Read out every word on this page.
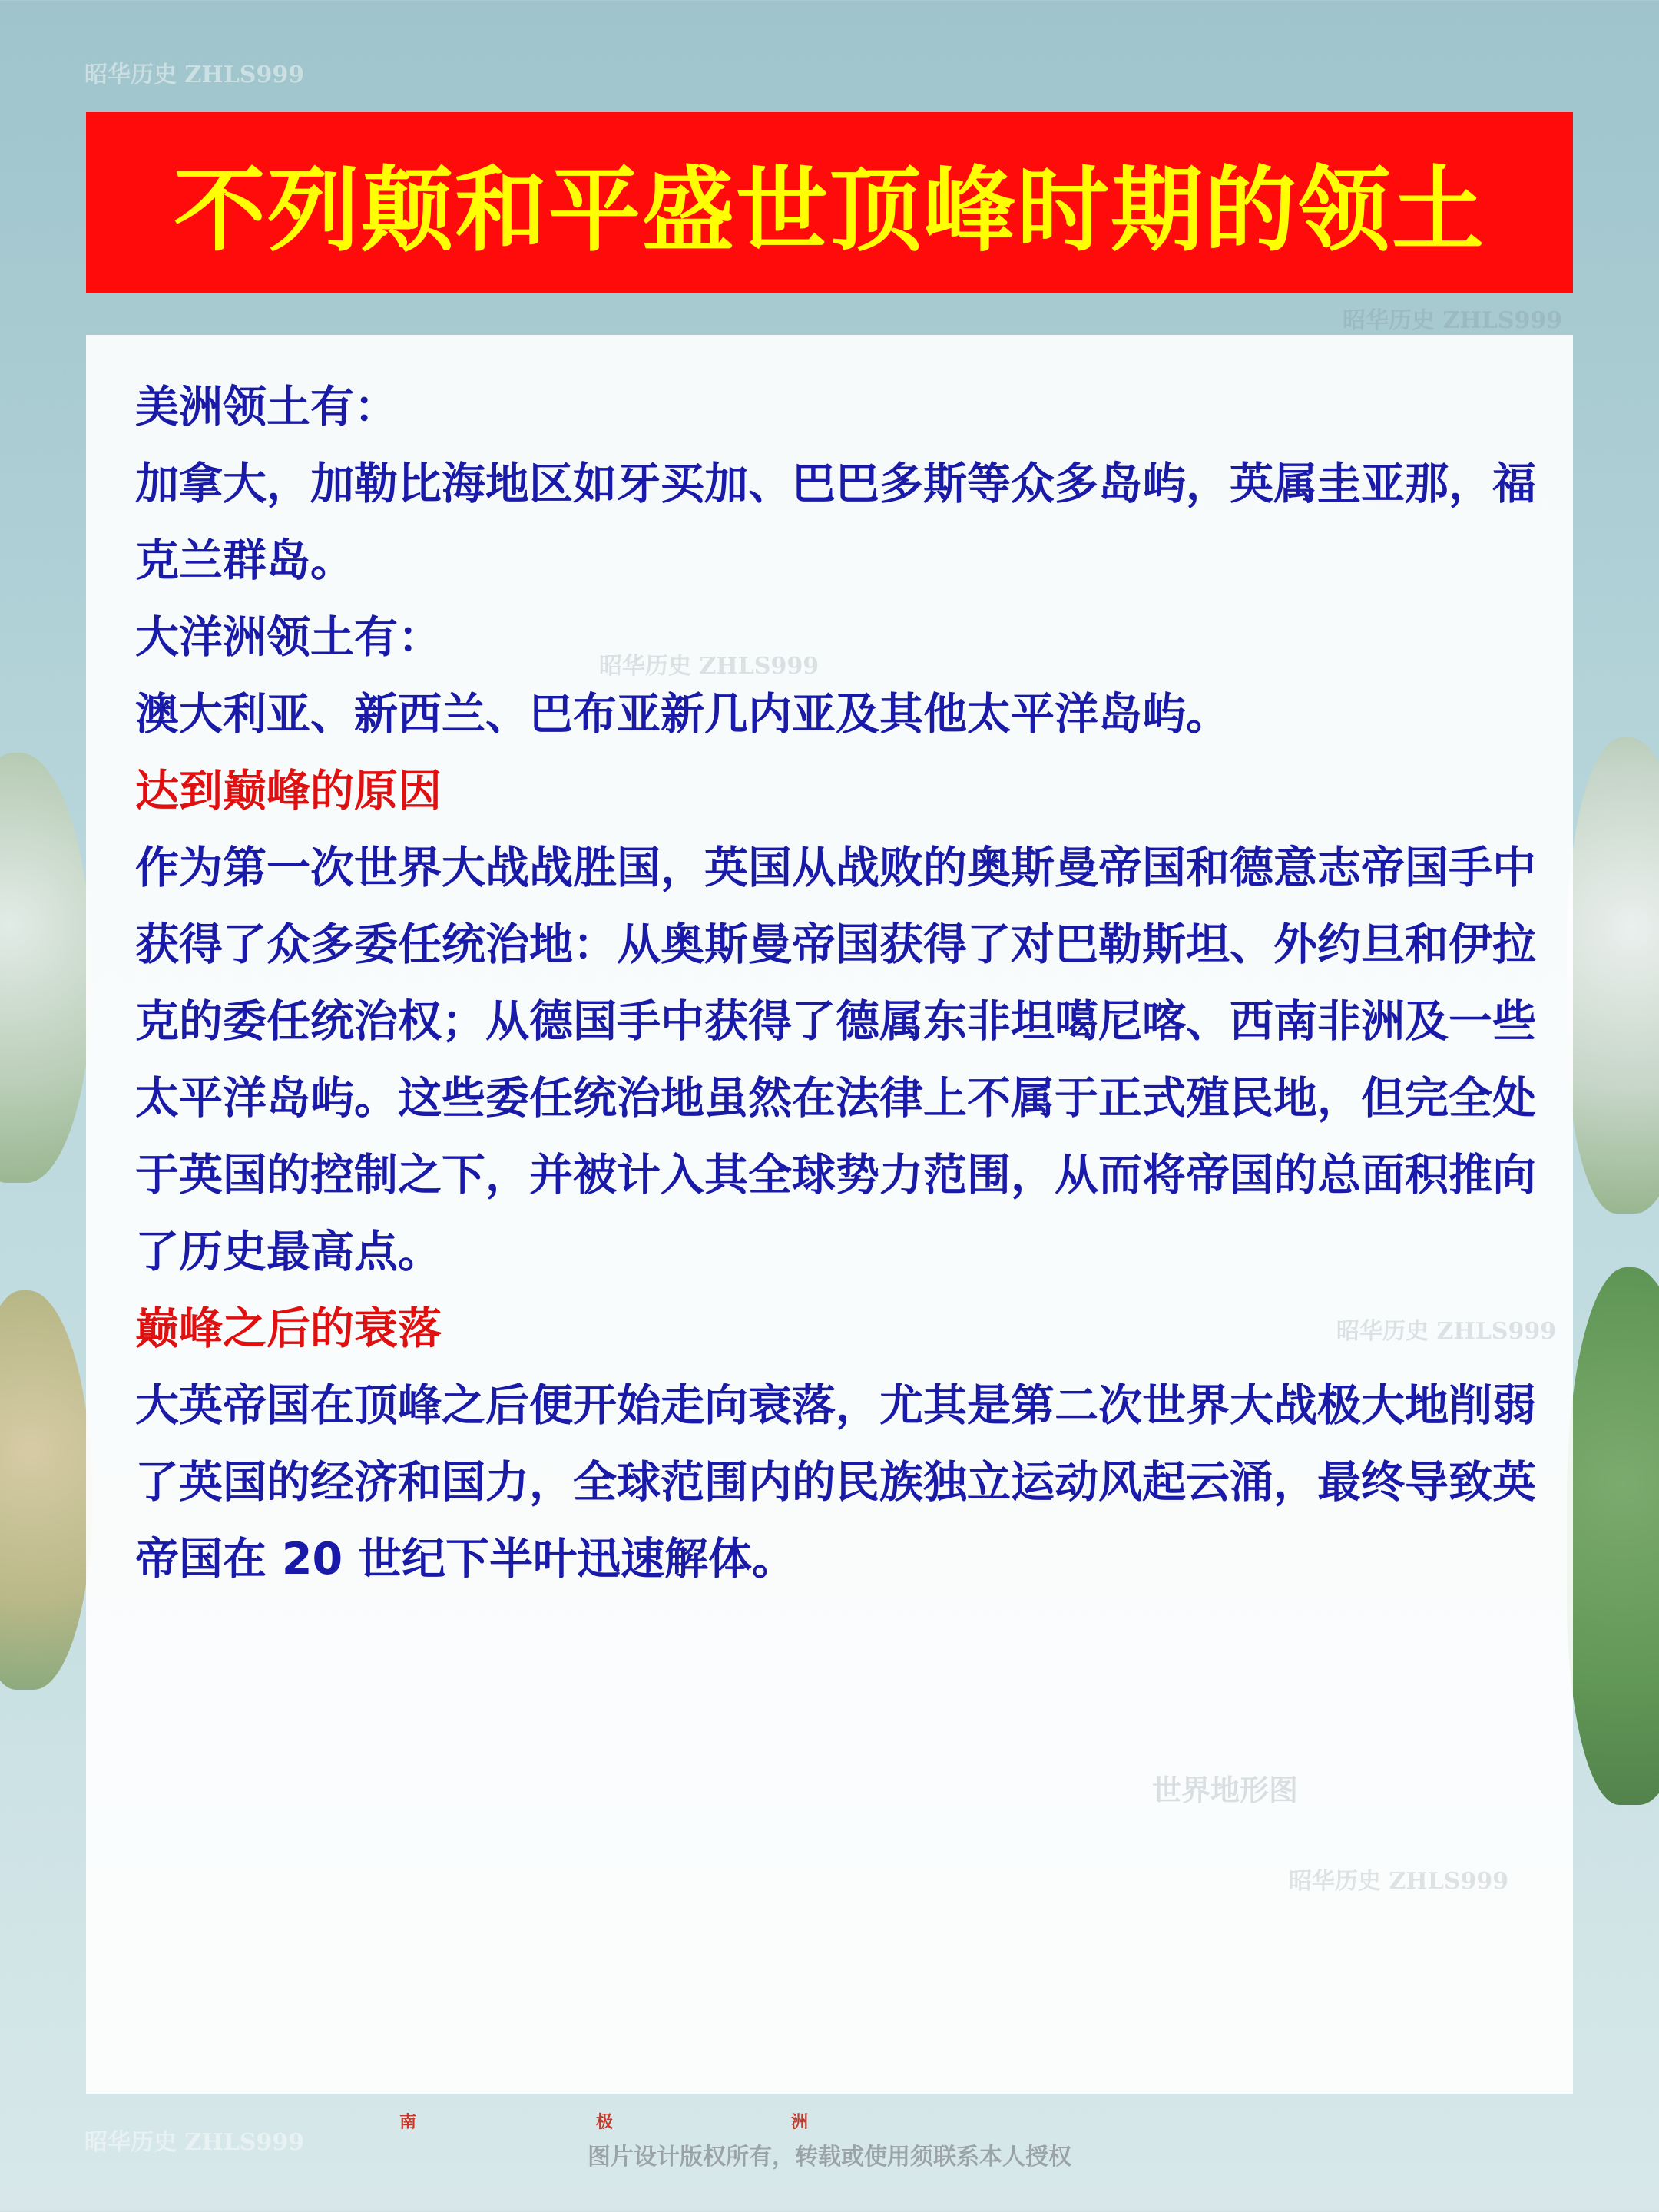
昭华历史 ZHLS999
不列颠和平盛世顶峰时期的领土
昭华历史 ZHLS999
昭华历史 ZHLS999
昭华历史 ZHLS999
昭华历史 ZHLS999
世界地形图

美洲领土有：

加拿大，加勒比海地区如牙买加、巴巴多斯等众多岛屿，英属圭亚那，福克兰群岛。

大洋洲领土有：

澳大利亚、新西兰、巴布亚新几内亚及其他太平洋岛屿。

达到巅峰的原因

作为第一次世界大战战胜国，英国从战败的奥斯曼帝国和德意志帝国手中获得了众多委任统治地：从奥斯曼帝国获得了对巴勒斯坦、外约旦和伊拉克的委任统治权；从德国手中获得了德属东非坦噶尼喀、西南非洲及一些太平洋岛屿。这些委任统治地虽然在法律上不属于正式殖民地，但完全处于英国的控制之下，并被计入其全球势力范围，从而将帝国的总面积推向了历史最高点。

巅峰之后的衰落

大英帝国在顶峰之后便开始走向衰落，尤其是第二次世界大战极大地削弱了英国的经济和国力，全球范围内的民族独立运动风起云涌，最终导致英帝国在 20 世纪下半叶迅速解体。

昭华历史 ZHLS999
南	极	洲
图片设计版权所有，转载或使用须联系本人授权
